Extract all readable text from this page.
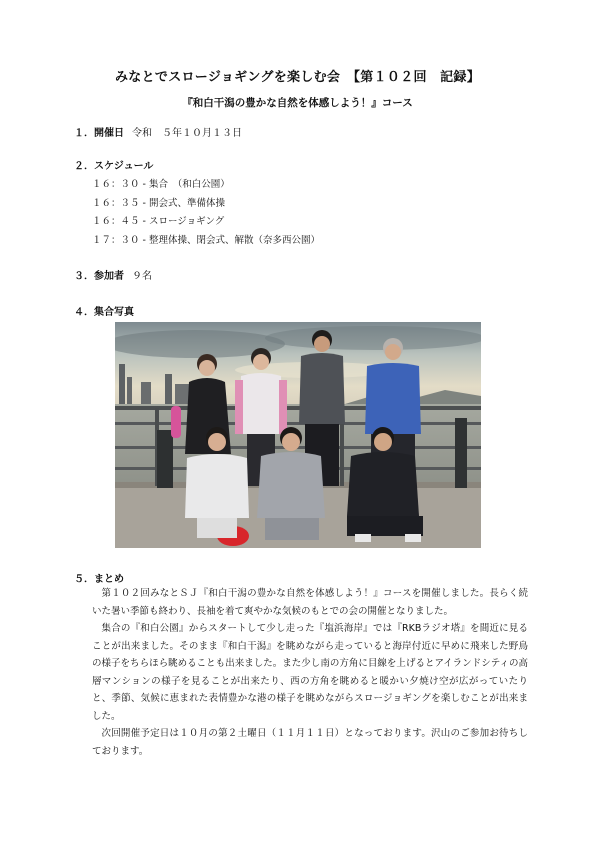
みなとでスロージョギングを楽しむ会　【第１０２回　記録】
『和白干潟の豊かな自然を体感しよう！』コース
１．開催日 令和　５年１０月１３日
２．スケジュール
１６：３０ - 集合　（和白公園）
１６：３５ - 開会式、準備体操
１６：４５ - スロージョギング
１７：３０ - 整理体操、閉会式、解散（奈多西公園）
３．参加者 ９名
４．集合写真
５．まとめ

第１０２回みなとＳＪ『和白干潟の豊かな自然を体感しよう！』コースを開催しました。長らく続いた暑い季節も終わり、長袖を着て爽やかな気候のもとでの会の開催となりました。

集合の『和白公園』からスタートして少し走った『塩浜海岸』では『RKBラジオ塔』を間近に見ることが出来ました。そのまま『和白干潟』を眺めながら走っていると海岸付近に早めに飛来した野鳥の様子をちらほら眺めることも出来ました。また少し南の方角に目線を上げるとアイランドシティの高層マンションの様子を見ることが出来たり、西の方角を眺めると暖かい夕焼け空が広がっていたりと、季節、気候に恵まれた表情豊かな港の様子を眺めながらスロージョギングを楽しむことが出来ました。

次回開催予定日は１０月の第２土曜日（１１月１１日）となっております。沢山のご参加お待ちしております。
